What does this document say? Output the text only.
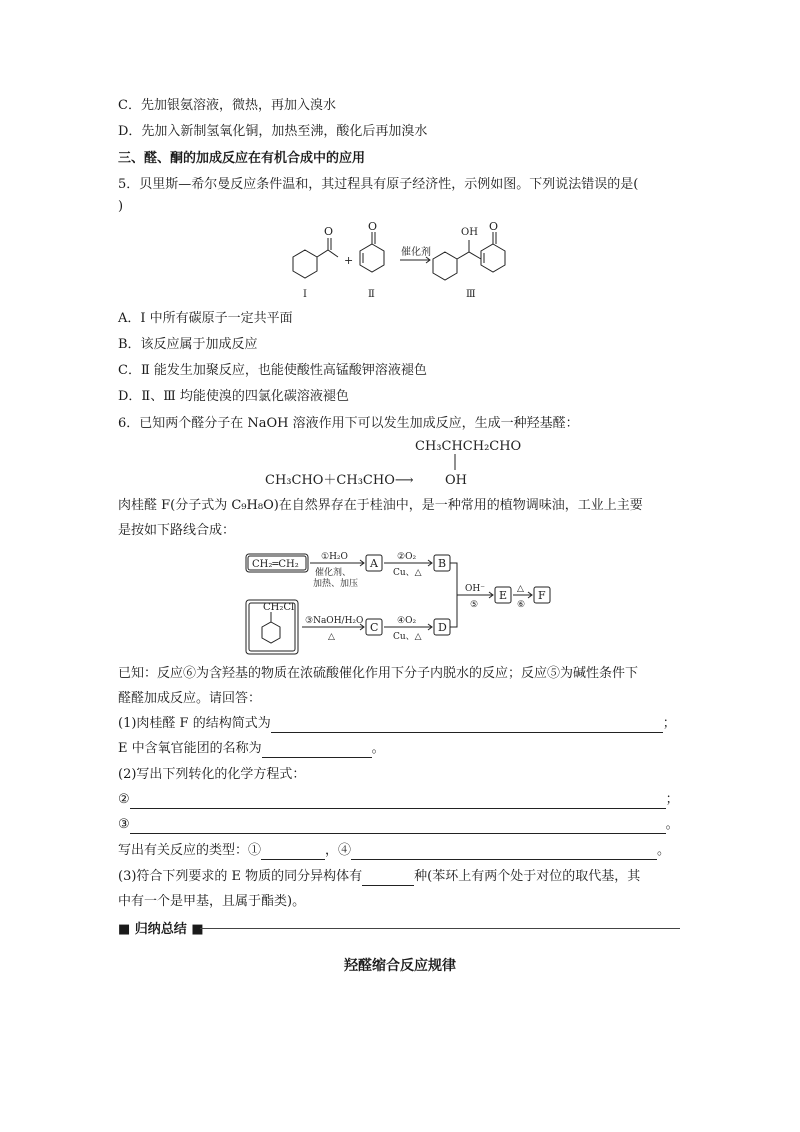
C．先加银氨溶液，微热，再加入溴水
D．先加入新制氢氧化铜，加热至沸，酸化后再加溴水
三、醛、酮的加成反应在有机合成中的应用
5．贝里斯—希尔曼反应条件温和，其过程具有原子经济性，示例如图。下列说法错误的是(
)
O	O
+
催化剂
OH O
Ⅰ	Ⅱ	Ⅲ
A．Ⅰ 中所有碳原子一定共平面
B．该反应属于加成反应
C．Ⅱ 能发生加聚反应，也能使酸性高锰酸钾溶液褪色
D．Ⅱ、Ⅲ 均能使溴的四氯化碳溶液褪色
6．已知两个醛分子在 NaOH 溶液作用下可以发生加成反应，生成一种羟基醛：
CH₃CHCH₂CHO
OH
CH₃CHO＋CH₃CHO⟶
肉桂醛 F(分子式为 C₉H₈O)在自然界存在于桂油中，是一种常用的植物调味油，工业上主要
是按如下路线合成：
CH₂═CH₂
①H₂O
催化剂、
加热、加压
A ②O₂
Cu、△
B
CH₂Cl
③NaOH/H₂O
△
C ④O₂
Cu、△
D
OH⁻
⑤
E △
⑥
F
已知：反应⑥为含羟基的物质在浓硫酸催化作用下分子内脱水的反应；反应⑤为碱性条件下
醛醛加成反应。请回答：
(1)肉桂醛 F 的结构简式为	；
E 中含氧官能团的名称为	。
(2)写出下列转化的化学方程式：
②	；
③	。
写出有关反应的类型：①	，④	。
(3)符合下列要求的 E 物质的同分异构体有	种(苯环上有两个处于对位的取代基，其
中有一个是甲基，且属于酯类)。
■ 归纳总结 ■
羟醛缩合反应规律
